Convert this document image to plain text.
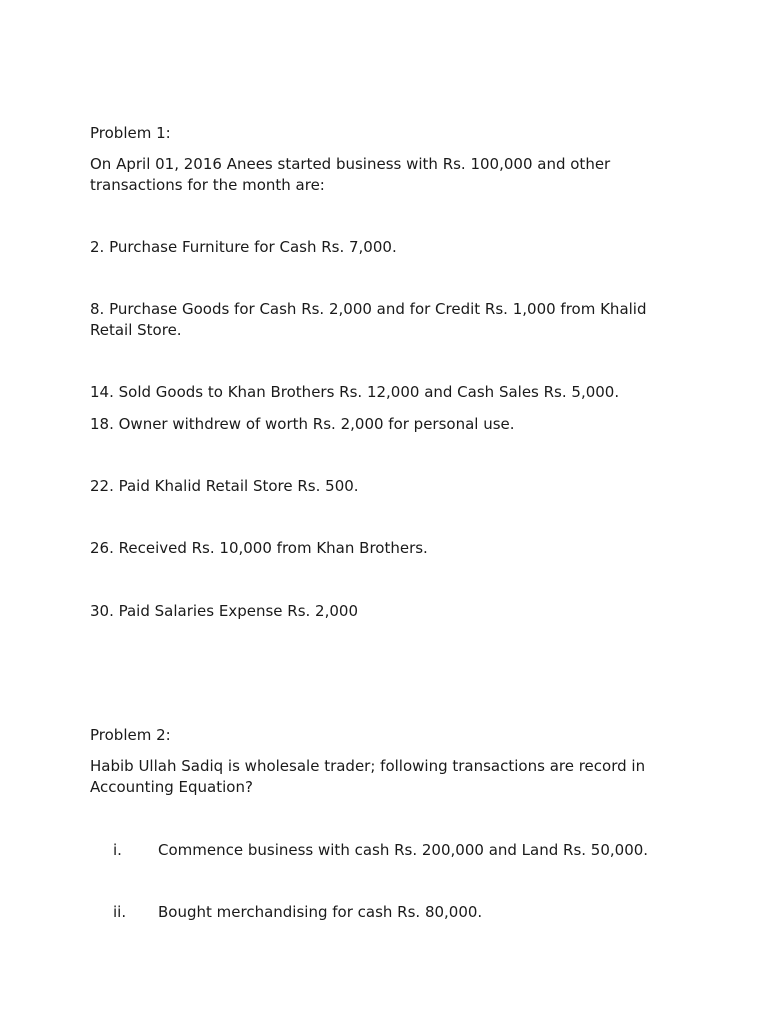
Problem 1:

On April 01, 2016 Anees started business with Rs. 100,000 and other transactions for the month are:

2. Purchase Furniture for Cash Rs. 7,000.

8. Purchase Goods for Cash Rs. 2,000 and for Credit Rs. 1,000 from Khalid Retail Store.

14. Sold Goods to Khan Brothers Rs. 12,000 and Cash Sales Rs. 5,000.

18. Owner withdrew of worth Rs. 2,000 for personal use.

22. Paid Khalid Retail Store Rs. 500.

26. Received Rs. 10,000 from Khan Brothers.

30. Paid Salaries Expense Rs. 2,000

Problem 2:

Habib Ullah Sadiq is wholesale trader; following transactions are record in Accounting Equation?

i. Commence business with cash Rs. 200,000 and Land Rs. 50,000.
ii. Bought merchandising for cash Rs. 80,000.
